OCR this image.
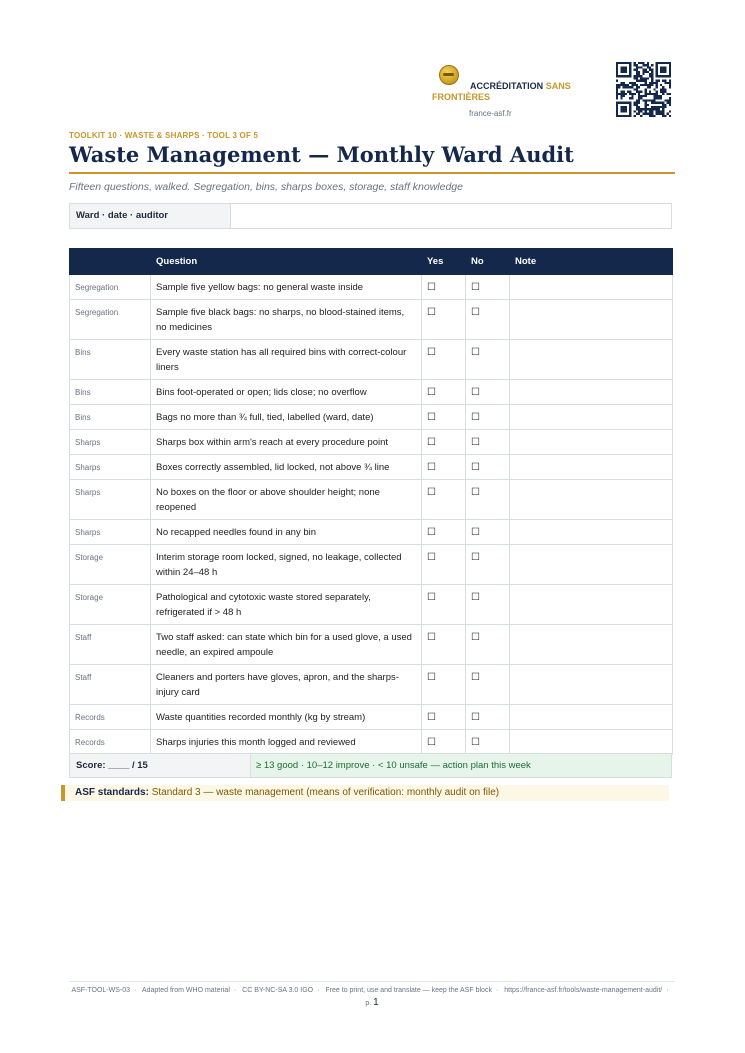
ACCRÉDITATION SANS FRONTIÈRES
france-asf.fr
TOOLKIT 10 · WASTE & SHARPS · TOOL 3 OF 5
Waste Management — Monthly Ward Audit
Fifteen questions, walked. Segregation, bins, sharps boxes, storage, staff knowledge
Ward · date · auditor
	Question	Yes	No	Note
Segregation	Sample five yellow bags: no general waste inside	☐	☐	
Segregation	Sample five black bags: no sharps, no blood-stained items, no medicines	☐	☐	
Bins	Every waste station has all required bins with correct-colour liners	☐	☐	
Bins	Bins foot-operated or open; lids close; no overflow	☐	☐	
Bins	Bags no more than ¾ full, tied, labelled (ward, date)	☐	☐	
Sharps	Sharps box within arm's reach at every procedure point	☐	☐	
Sharps	Boxes correctly assembled, lid locked, not above ¾ line	☐	☐	
Sharps	No boxes on the floor or above shoulder height; none reopened	☐	☐	
Sharps	No recapped needles found in any bin	☐	☐	
Storage	Interim storage room locked, signed, no leakage, collected within 24–48 h	☐	☐	
Storage	Pathological and cytotoxic waste stored separately, refrigerated if > 48 h	☐	☐	
Staff	Two staff asked: can state which bin for a used glove, a used needle, an expired ampoule	☐	☐	
Staff	Cleaners and porters have gloves, apron, and the sharps-injury card	☐	☐	
Records	Waste quantities recorded monthly (kg by stream)	☐	☐	
Records	Sharps injuries this month logged and reviewed	☐	☐	
Score: ____ / 15	≥ 13 good · 10–12 improve · < 10 unsafe — action plan this week
ASF standards: Standard 3 — waste management (means of verification: monthly audit on file)
ASF-TOOL-WS-03 · Adapted from WHO material · CC BY-NC-SA 3.0 IGO · Free to print, use and translate — keep the ASF block · https://france-asf.fr/tools/waste-management-audit/ · p. 1
